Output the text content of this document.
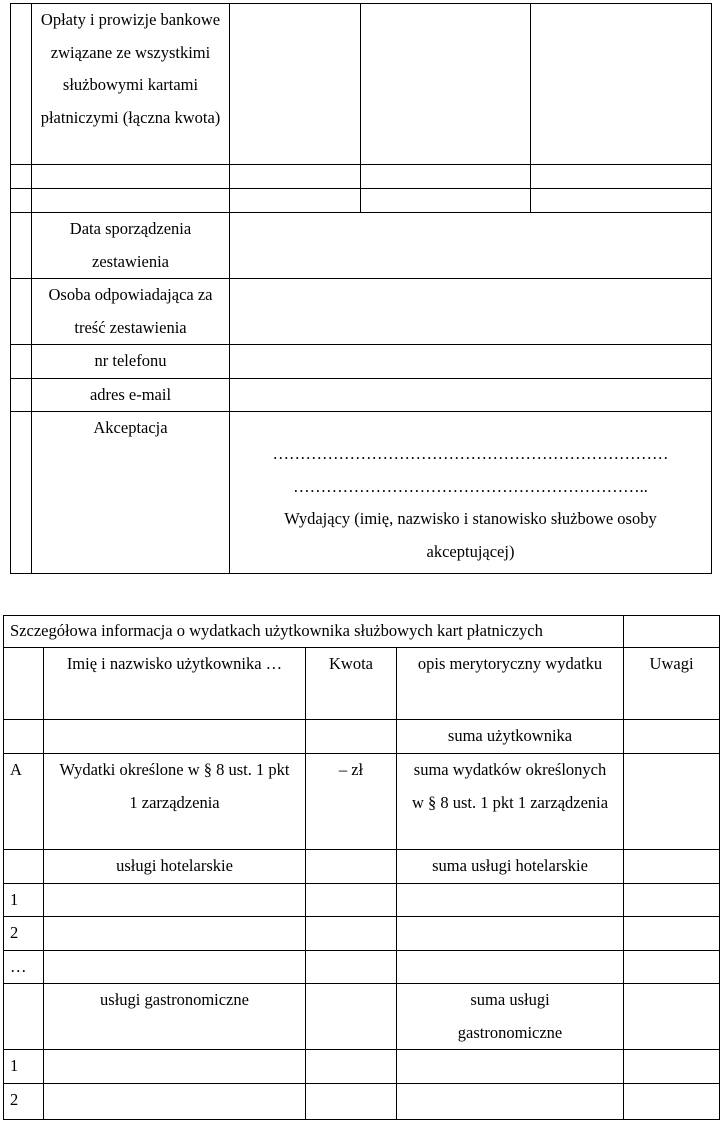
	Opłaty i prowizje bankowe związane ze wszystkimi służbowymi kartami płatniczymi (łączna kwota)			

	Data sporządzenia zestawienia			
	Osoba odpowiadająca za treść zestawienia			
	nr telefonu			
	adres e-mail			
	Akceptacja	………………………………………………………………
………………………………………………………..
Wydający (imię, nazwisko i stanowisko służbowe osoby akceptującej)		
Szczegółowa informacja o wydatkach użytkownika służbowych kart płatniczych				
	Imię i nazwisko użytkownika …	Kwota	opis merytoryczny wydatku	Uwagi
			suma użytkownika	
A	Wydatki określone w § 8 ust. 1 pkt 1 zarządzenia	– zł	suma wydatków określonych w § 8 ust. 1 pkt 1 zarządzenia	
	usługi hotelarskie		suma usługi hotelarskie	
1				
2				
…				
	usługi gastronomiczne		suma usługi gastronomiczne	
1				
2				
